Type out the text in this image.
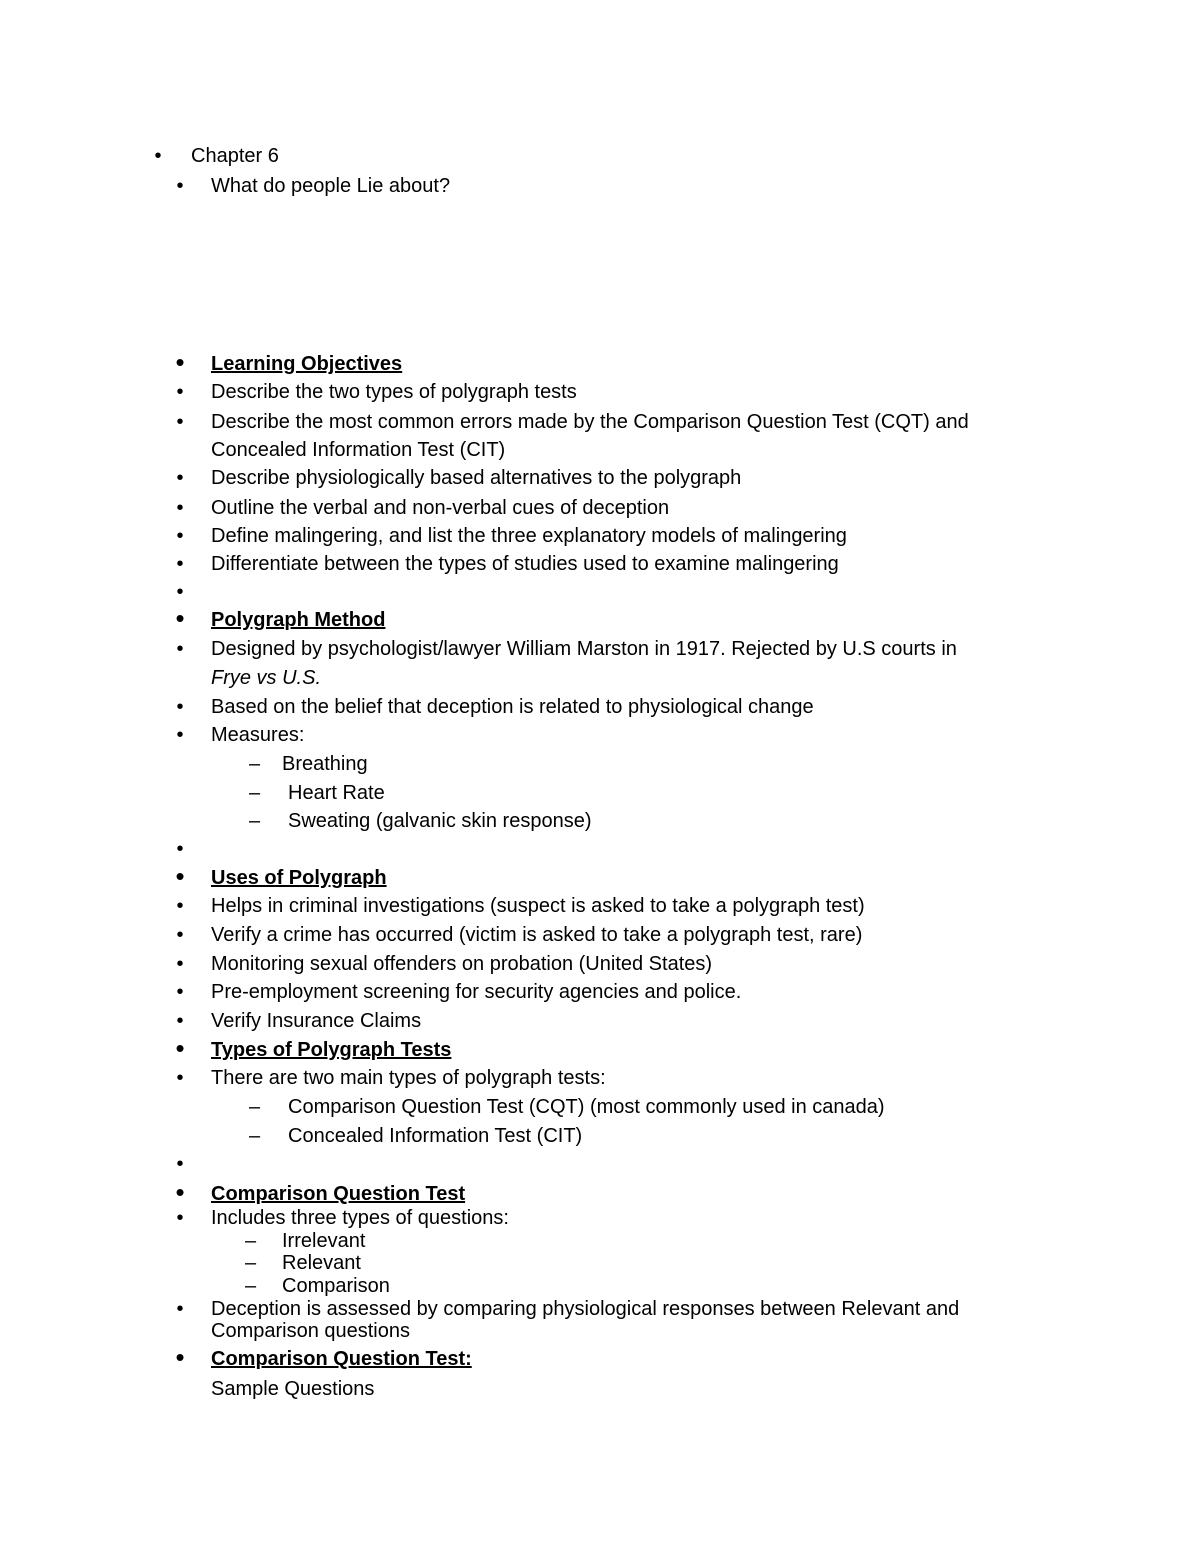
• Chapter 6
• What do people Lie about?
• Learning Objectives
• Describe the two types of polygraph tests
• Describe the most common errors made by the Comparison Question Test (CQT) and
Concealed Information Test (CIT)
• Describe physiologically based alternatives to the polygraph
• Outline the verbal and non-verbal cues of deception
• Define malingering, and list the three explanatory models of malingering
• Differentiate between the types of studies used to examine malingering
•
• Polygraph Method
• Designed by psychologist/lawyer William Marston in 1917. Rejected by U.S courts in
Frye vs U.S.
• Based on the belief that deception is related to physiological change
• Measures:
– Breathing
– Heart Rate
– Sweating (galvanic skin response)
•
• Uses of Polygraph
• Helps in criminal investigations (suspect is asked to take a polygraph test)
• Verify a crime has occurred (victim is asked to take a polygraph test, rare)
• Monitoring sexual offenders on probation (United States)
• Pre-employment screening for security agencies and police.
• Verify Insurance Claims
• Types of Polygraph Tests
• There are two main types of polygraph tests:
– Comparison Question Test (CQT) (most commonly used in canada)
– Concealed Information Test (CIT)
•
• Comparison Question Test
• Includes three types of questions:
– Irrelevant
– Relevant
– Comparison
• Deception is assessed by comparing physiological responses between Relevant and
Comparison questions
• Comparison Question Test:
Sample Questions
